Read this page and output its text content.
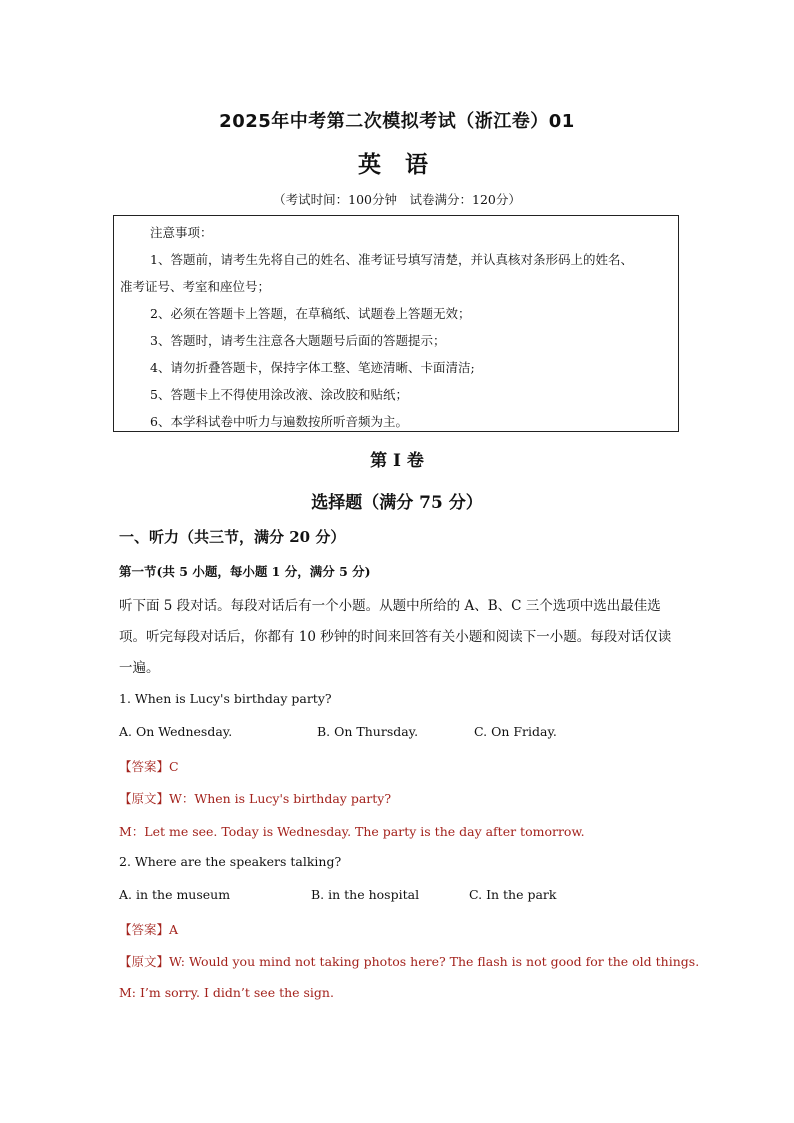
2025年中考第二次模拟考试（浙江卷）01
英 语
（考试时间：100分钟　试卷满分：120分）

注意事项：

1、答题前，请考生先将自己的姓名、准考证号填写清楚，并认真核对条形码上的姓名、

准考证号、考室和座位号；

2、必须在答题卡上答题，在草稿纸、试题卷上答题无效；

3、答题时，请考生注意各大题题号后面的答题提示；

4、请勿折叠答题卡，保持字体工整、笔迹清晰、卡面清洁;

5、答题卡上不得使用涂改液、涂改胶和贴纸；

6、本学科试卷中听力与遍数按所听音频为主。

第 I 卷
选择题（满分 75 分）
一、听力（共三节，满分 20 分）
第一节(共 5 小题，每小题 1 分，满分 5 分)
听下面 5 段对话。每段对话后有一个小题。从题中所给的 A、B、C 三个选项中选出最佳选项。听完每段对话后，你都有 10 秒钟的时间来回答有关小题和阅读下一小题。每段对话仅读一遍。
1. When is Lucy's birthday party?
A. On Wednesday.	B. On Thursday.	C. On Friday.
【答案】C
【原文】W：When is Lucy's birthday party?
M：Let me see. Today is Wednesday. The party is the day after tomorrow.
2. Where are the speakers talking?
A. in the museum	B. in the hospital	C. In the park
【答案】A
【原文】W: Would you mind not taking photos here? The flash is not good for the old things.
M: I’m sorry. I didn’t see the sign.
